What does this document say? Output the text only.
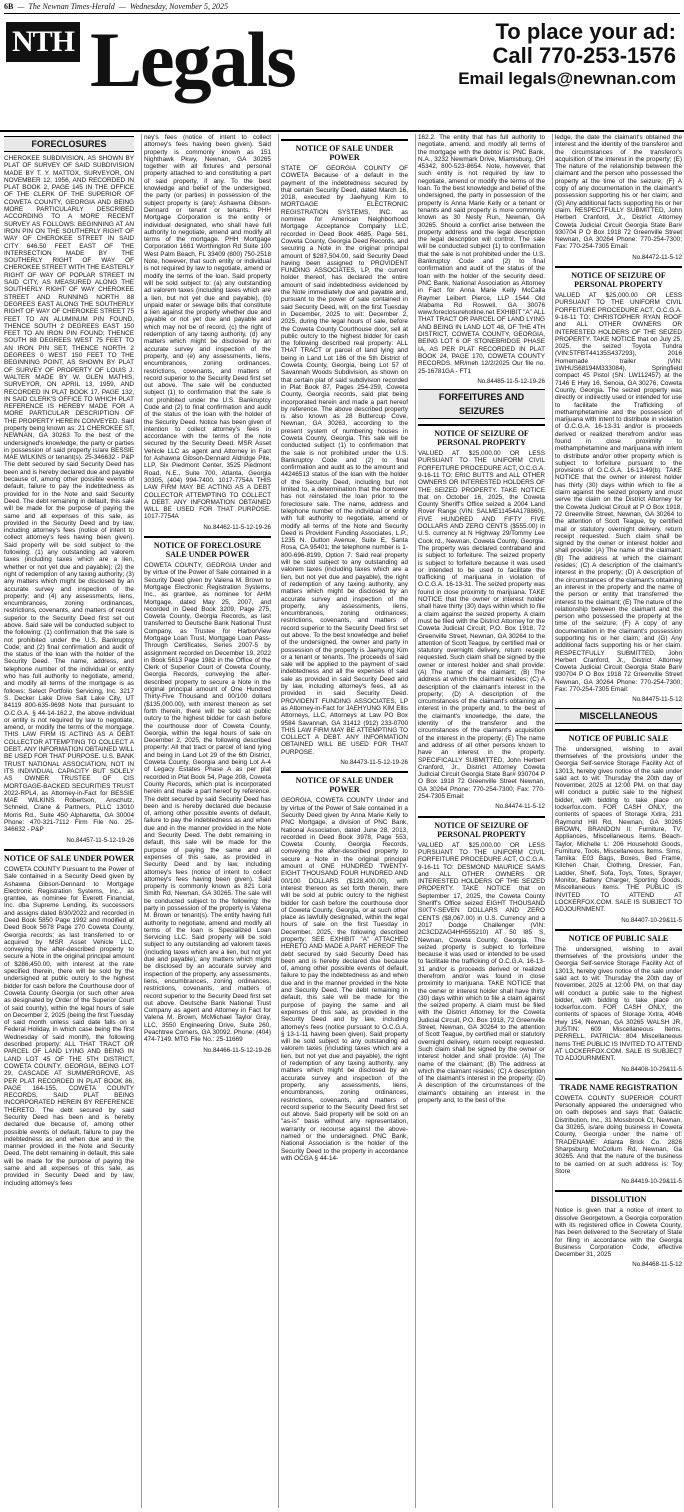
6B  —  The Newnan Times-Herald  —  Wednesday, November 5, 2025
NTH Legals	To place your ad:
Call 770-253-1576
Email legals@newnan.com
FORECLOSURES
CHEROKEE SUBDIVISION, AS SHOWN BY PLAT OF SURVEY OF SAID SUBDIVISION MADE BY T. Y. MATTOX, SURVEYOR, ON NOVEMBER 12, 1956, AND RECORDED IN PLAT BOOK 2, PAGE 145 IN THE OFFICE OF THE CLERK OF THE SUPERIOR OF COWETA COUNTY, GEORGIA AND BEING MORE PARTICULARLY DESCRIBED ACCORDING TO A MORE RECENT SURVEY AS FOLLOWS: BEGINNING AT AN IRON PIN ON THE SOUTHERLY RIGHT OF WAY OF CHEROKEE STREET IN SAID CITY 646.50 FEET EAST OF THE INTERSECTION MADE BY THE SOUTHERLY RIGHT OF WAY OF CHEROKEE STREET WITH THE EASTERLY RIGHT OF WAY OF POPLAR STREET IN SAID CITY, AS MEASURED ALONG THE SOUTHERLY RIGHT OF WAY CHEROKEE STREET AND RUNNING NORTH 88 DEGREES EAST ALONG THE SOUTHERLY RIGHT OF WAY OF CHEROKEE STREET 75 FEET TO AN ALUMINUM PIN FOUND, THENCE SOUTH 2 DEGREES EAST 150 FEET TO AN IRON PIN FOUND; THENCE SOUTH 88 DEGREES WEST 75 FEET TO AN IRON PIN SET; THENCE NORTH 2 DEGREES 0 WEST 150 FEET TO THE BEGINNING POINT, AS SHOWN BY PLAT OF SURVEY OF PROPERTY OF LOUIS J. WALTER MADE BY W. GLEN MATHIS, SURVEYOR, ON APRIL 13, 1959, AND RECORDED IN PLAT BOOK 17, PAGE 132, IN SAID CLERK'S OFFICE TO WHICH PLAT REFERENCE IS HEREBY MADE FOR A MORE PARTICULAR DESCRIPTION OF THE PROPERTY HEREIN CONVEYED. Said property being known as: 21 CHEROKEE ST, NEWNAN, GA 30263 To the best of the undersigned's knowledge, the party or parties in possession of said property is/are BESSIE MAE WILKINS or tenant(s). 25-346632 - P&P The debt secured by said Security Deed has been and is hereby declared due and payable because of, among other possible events of default, failure to pay the indebtedness as provided for in the Note and said Security Deed. The debt remaining in default, this sale will be made for the purpose of paying the same and all expenses of this sale, as provided in the Security Deed and by law, including attorney's fees (notice of intent to collect attorney's fees having been given). Said property will be sold subject to the following: (1) any outstanding ad valorem taxes (including taxes which are a lien, whether or not yet due and payable); (2) the right of redemption of any taxing authority; (3) any matters which might be disclosed by an accurate survey and inspection of the property; and (4) any assessments, liens, encumbrances, zoning ordinances, restrictions, covenants, and matters of record superior to the Security Deed first set out above. Said sale will be conducted subject to the following: (1) confirmation that the sale is not prohibited under the U.S. Bankruptcy Code; and (2) final confirmation and audit of the status of the loan with the holder of the Security Deed. The name, address, and telephone number of the individual or entity who has full authority to negotiate, amend, and modify all terms of the mortgage is as follows: Select Portfolio Servicing, Inc. 3217 S. Decker Lake Drive Salt Lake City, UT 84119 800-635-9698 Note that pursuant to O.C.G.A. § 44-14-162.2, the above individual or entity is not required by law to negotiate, amend, or modify the terms of the mortgage. THIS LAW FIRM IS ACTING AS A DEBT COLLECTOR ATTEMPTING TO COLLECT A DEBT. ANY INFORMATION OBTAINED WILL BE USED FOR THAT PURPOSE. U.S. BANK TRUST NATIONAL ASSOCIATION, NOT IN ITS INDIVIDUAL CAPACITY BUT SOLELY AS OWNER TRUSTEE OF CIS MORTGAGE-BACKED SECURITIES TRUST 2022-RPL4, as Attorney-in-Fact for BESSIE MAE WILKINS Robertson, Anschutz, Schneid, Crane & Partners, PLLC 13010 Morris Rd., Suite 450 Alpharetta, GA 30004 Phone: 470-321-7112 Firm File No. 25-346632 - P&P
No.84457-11-5-12-19-26
NOTICE OF SALE UNDER POWER
COWETA COUNTY Pursuant to the Power of Sale contained in a Security Deed given by Ashawna Gibson-Dennard to Mortgage Electronic Registration Systems, Inc., as grantee, as nominee for Everett Financial, Inc. dba Supreme Lending, its successors and assigns dated 8/30/2022 and recorded in Deed Book 5850 Page 1992 and modified at Deed Book 5678 Page 270 Coweta County, Georgia records; as last transferred to or acquired by MSR Asset Vehicle LLC, conveying the after-described property to secure a Note in the original principal amount of $286,450.00, with interest at the rate specified therein, there will be sold by the undersigned at public outcry to the highest bidder for cash before the Courthouse door of Coweta County Georgia (or such other area as designated by Order of the Superior Court of said county), within the legal hours of sale on December 2, 2025 (being the first Tuesday of said month unless said date falls on a Federal Holiday, in which case being the first Wednesday of said month), the following described property: ALL THAT TRACT OR PARCEL OF LAND LYING AND BEING IN LAND LOT 45 OF THE 5TH DISTRICT, COWETA COUNTY, GEORGIA, BEING LOT 29, CASCADE AT SUMMERGROVE, AS PER PLAT RECORDED IN PLAT BOOK 86, PAGE 164-155, COWETA COUNTY RECORDS, SAID PLAT BEING INCORPORATED HEREIN BY REFERENCE THERETO. The debt secured by said Security Deed has been and is hereby declared due because of, among other possible events of default, failure to pay the indebtedness as and when due and in the manner provided in the Note and Security Deed. The debt remaining in default, this sale will be made for the purpose of paying the same and all expenses of this sale, as provided in Security Deed and by law, including attorney's fees
ney's fees (notice of intent to collect attorney's fees having been given). Said property is commonly known as 151 Nighthawk Pkwy, Newnan, GA 30265 together with all fixtures and personal property attached to and constituting a part of said property, if any. To the best knowledge and belief of the undersigned, the party (or parties) in possession of the subject property is (are): Ashawna Gibson-Dennard or tenant or tenants. PHH Mortgage Corporation is the entity or individual designated, who shall have full authority to negotiate, amend and modify all terms of the mortgage. PHH Mortgage Corporation 1661 Worthington Rd Suite 100 West Palm Beach, FL 33409 (800) 750-2518 Note, however, that such entity or individual is not required by law to negotiate, amend or modify the terms of the loan. Said property will be sold subject to: (a) any outstanding ad valorem taxes (including taxes which are a lien, but not yet due and payable), (b) unpaid water or sewage bills that constitute a lien against the property whether due and payable or not yet due and payable and which may not be of record, (c) the right of redemption of any taxing authority, (d) any matters which might be disclosed by an accurate survey and inspection of the property, and (e) any assessments, liens, encumbrances, zoning ordinances, restrictions, covenants, and matters of record superior to the Security Deed first set out above. The sale will be conducted subject (1) to confirmation that the sale is not prohibited under the U.S. Bankruptcy Code and (2) to final confirmation and audit of the status of the loan with the holder of the Security Deed. Notice has been given of intention to collect attorney's fees in accordance with the terms of the note secured by the Security Deed. MSR Asset Vehicle LLC as agent and Attorney in Fact for Ashawna Gibson-Dennard Aldridge Pite, LLP, Six Piedmont Center, 3525 Piedmont Road, N.E., Suite 700, Atlanta, Georgia 30305, (404) 994-7400. 1017-7754A THIS LAW FIRM MAY BE ACTING AS A DEBT COLLECTOR ATTEMPTING TO COLLECT A DEBT. ANY INFORMATION OBTAINED WILL BE USED FOR THAT PURPOSE. 1017-7754A
No.84462-11-5-12-19-26
NOTICE OF FORECLOSURE SALE UNDER POWER
COWETA COUNTY, GEORGIA Under and by virtue of the Power of Sale contained in a Security Deed given by Valena M. Brown to Mortgage Electronic Registration Systems, Inc., as grantee, as nominee for AHM Mortgage, dated May 25, 2007, and recorded in Deed Book 3209, Page 275, Coweta County, Georgia Records, as last transferred to Deutsche Bank National Trust Company, as Trustee for HarborView Mortgage Loan Trust, Mortgage Loan Pass-Through Certificates, Series 2007-5 by assignment recorded on December 19, 2022 in Book 5613 Page 1982 in the Office of the Clerk of Superior Court of Coweta County, Georgia Records, conveying the after-described property to secure a Note in the original principal amount of One Hundred Thirty-Five Thousand and 00/100 dollars ($135,000.00), with interest thereon as set forth therein, there will be sold at public outcry to the highest bidder for cash before the courthouse door of Coweta County, Georgia, within the legal hours of sale on December 2, 2025, the following described property: All that tract or parcel of land lying and being in Land Lot 29 of the 6th District, Coweta County, Georgia and being Lot A-4 of Legacy Estates Phase A as per plat recorded in Plat Book 54, Page 208, Coweta County Records, which plat is incorporated herein and made a part hereof by reference. The debt secured by said Security Deed has been and is hereby declared due because of, among other possible events of default, failure to pay the indebtedness as and when due and in the manner provided in the Note and Security Deed. The debt remaining in default, this sale will be made for the purpose of paying the same and all expenses of this sale, as provided in Security Deed and by law, including attorney's fees (notice of intent to collect attorney's fees having been given). Said property is commonly known as 821 Lora Smith Rd, Newnan, GA 30265. The sale will be conducted subject to the following: the party in possession of the property is Valena M. Brown or tenant(s). The entity having full authority to negotiate, amend and modify all terms of the loan is Specialized Loan Servicing LLC. Said property will be sold subject to any outstanding ad valorem taxes (including taxes which are a lien, but not yet due and payable), any matters which might be disclosed by an accurate survey and inspection of the property, any assessments, liens, encumbrances, zoning ordinances, restrictions, covenants, and matters of record superior to the Security Deed first set out above. Deutsche Bank National Trust Company as agent and Attorney in Fact for Valena M. Brown, McMichael Taylor Gray, LLC, 3550 Engineering Drive, Suite 260, Peachtree Corners, GA 30092. Phone: (404) 474-7149. MTG File No.: 25-11669
No.84466-11-5-12-19-26
NOTICE OF SALE UNDER POWER
STATE OF GEORGIA COUNTY OF COWETA Because of a default in the payment of the indebtedness secured by that certain Security Deed, dated March 16, 2018, executed by Jaehyung Kim to MORTGAGE ELECTRONIC REGISTRATION SYSTEMS, INC. as nominee for American Neighborhood Mortgage Acceptance Company LLC, recorded in Deed Book 4685, Page 561, Coweta County, Georgia Deed Records, and securing a Note in the original principal amount of $287,504.00, said Security Deed having been assigned to PROVIDENT FUNDING ASSOCIATES, LP, the current holder thereof, has declared the entire amount of said indebtedness evidenced by the Note immediately due and payable and, pursuant to the power of sale contained in said Security Deed, will, on the first Tuesday in December, 2025 to wit: December 2, 2025, during the legal hours of sale, before the Coweta County Courthouse door, sell at public outcry to the highest bidder for cash the following described real property: ALL THAT TRACT or parcel of land lying and being in Land Lot 186 of the 5th District of Coweta County, Georgia, being Lot 57 of Savannah Woods Subdivision, as shown on that certain plat of said subdivision recorded in Plat Book 87, Pages 254-259, Coweta County, Georgia records, said plat being incorporated herein and made a part hereof by reference. The above described property is also known as 28 Buttercup Cove, Newnan, GA 30263, according to the present system of numbering houses in Coweta County, Georgia. This sale will be conducted subject (1) to confirmation that the sale is not prohibited under the U.S. Bankruptcy Code and (2) to final confirmation and audit as to the amount and 44246513 status of the loan with the holder of the Security Deed, including but not limited to, a determination that the borrower has not reinstated the loan prior to the foreclosure sale. The name, address and telephone number of the individual or entity with full authority to negotiate, amend or modify all terms of the Note and Security Deed is Provident Funding Associates, L.P., 1235 N. Dutton Avenue, Suite E, Santa Rosa, CA 95401; the telephone number is 1-800-696-8199, Option 7. Said real property will be sold subject to any outstanding ad valorem taxes (including taxes which are a lien, but not yet due and payable), the right of redemption of any taxing authority, any matters which might be disclosed by an accurate survey and inspection of the property, any assessments, liens, encumbrances, zoning ordinances, restrictions, covenants, and matters of record superior to the Security Deed first set out above. To the best knowledge and belief of the undersigned, the owner and party in possession of the property is Jaehyung Kim or a tenant or tenants. The proceeds of said sale will be applied to the payment of said indebtedness and all the expenses of said sale as provided in said Security Deed and by law, including attorney's fees, all as provided in said Security Deed. PROVIDENT FUNDING ASSOCIATES, LP as Attorney-in-Fact for JAEHYUNG KIM Ellis Attorneys, LLC, Attorneys at Law PO Box 9584 Savannah, GA 31412 (912) 233-0700 THIS LAW FIRM MAY BE ATTEMPTING TO COLLECT A DEBT. ANY INFORMATION OBTAINED WILL BE USED FOR THAT PURPOSE.
No.84473-11-5-12-19-26
NOTICE OF SALE UNDER POWER
GEORGIA, COWETA COUNTY Under and by virtue of the Power of Sale contained in a Security Deed given by Anna Marie Kelly to PNC Mortgage, a division of PNC Bank, National Association, dated June 28, 2013, recorded in Deed Book 3978, Page 553, Coweta County, Georgia Records, conveying the after-described property to secure a Note in the original principal amount of ONE HUNDRED TWENTY-EIGHT THOUSAND FOUR HUNDRED AND 00/100 DOLLARS ($128,400.00), with interest thereon as set forth therein, there will be sold at public outcry to the highest bidder for cash before the courthouse door of Coweta County, Georgia, or at such other place as lawfully designated, within the legal hours of sale on the first Tuesday in December, 2025, the following described property: SEE EXHIBIT "A" ATTACHED HERETO AND MADE A PART HEREOF The debt secured by said Security Deed has been and is hereby declared due because of, among other possible events of default, failure to pay the indebtedness as and when due and in the manner provided in the Note and Security Deed. The debt remaining in default, this sale will be made for the purpose of paying the same and all expenses of this sale, as provided in the Security Deed and by law, including attorney's fees (notice pursuant to O.C.G.A. § 13-1-11 having been given). Said property will be sold subject to any outstanding ad valorem taxes (including taxes which are a lien, but not yet due and payable), the right of redemption of any taxing authority, any matters which might be disclosed by an accurate survey and inspection of the property, any assessments, liens, encumbrances, zoning ordinances, restrictions, covenants, and matters of record superior to the Security Deed first set out above. Said property will be sold on an "as-is" basis without any representation, warranty or recourse against the above-named or the undersigned. PNC Bank, National Association is the holder of the Security Deed to the property in accordance with OCGA § 44-14-
162.2. The entity that has full authority to negotiate, amend, and modify all terms of the mortgage with the debtor is: PNC Bank, N.A., 3232 Newmark Drive, Miamisburg, OH 45342, 800-523-8654. Note, however, that such entity is not required by law to negotiate, amend or modify the terms of the loan. To the best knowledge and belief of the undersigned, the party in possession of the property is Anna Marie Kelly or a tenant or tenants and said property is more commonly known as 30 Nesty Run, Newnan, GA 30265. Should a conflict arise between the property address and the legal description the legal description will control. The sale will be conducted subject (1) to confirmation that the sale is not prohibited under the U.S. Bankruptcy Code and (2) to final confirmation and audit of the status of the loan with the holder of the security deed. PNC Bank, National Association as Attorney in Fact for Anna Marie Kelly McCalla Raymer Leibert Pierce, LLP 1544 Old Alabama Rd Roswell, GA 30076 www.foreclosurehotline.net EXHIBIT "A" ALL THAT TRACT OR PARCEL OF LAND LYING AND BEING IN LAND LOT 48, OF THE 4TH DISTRICT, COWETA COUNTY, GEORGIA, BEING LOT 6 OF STONEBRIDGE PHASE IA, AS PER PLAT RECORDED IN PLAT BOOK 24, PAGE 170, COWETA COUNTY RECORDS. MR/meh 12/2/2025 Our file no. 25-16781GA - FT1
No.84485-11-5-12-19-26
FORFEITURES AND SEIZURES
NOTICE OF SEIZURE OF PERSONAL PROPERTY
VALUED AT $25,000.00 OR LESS PURSUANT TO THE UNIFORM CIVIL FORFEITURE PROCEDURE ACT, O.C.G.A. 9-16-11 TO: ERIC BUTTS and ALL OTHER OWNERS OR INTERESTED HOLDERS OF THE SEIZED PROPERTY. TAKE NOTICE that on October 16, 2025, the Coweta County Sheriff's Office seized a 2004 Land Rover Range (VIN: SALME11454A178860), FIVE HUNDRED AND FIFTY FIVE DOLLARS AND ZERO CENTS ($555.00) in U.S. currency at N Highway 29/Tommy Lee Cook rd., Newnan, Coweta County, Georgia. The property was declared contraband and is subject to forfeiture. The seized property is subject to forfeiture because it was used or intended to be used to facilitate the trafficking of marijuana in violation of O.C.G.A. 16-13-31. The seized property was found in close proximity to marijuana. TAKE NOTICE that the owner or interest holder shall have thirty (30) days within which to file a claim against the seized property. A claim must be filed with the District Attorney for the Coweta Judicial Circuit, P.O. Box 1918, 72 Greenville Street, Newnan, GA 30264 to the attention of Scott Teague, by certified mail or statutory overnight delivery, return receipt requested. Such claim shall be signed by the owner or interest holder and shall provide: (A) The name of the claimant; (B) The address at which the claimant resides; (C) A description of the claimant's interest in the property; (D) A description of the circumstances of the claimant's obtaining an interest in the property and, to the best of the claimant's knowledge, the date, the identity of the transferor and the circumstances of the claimant's acquisition of the interest in the property; (E) The name and address of all other persons known to have an interest in the property. SPECIFICALLY SUBMITTED, John Herbert Cranford, Jr., District Attorney Coweta Judicial Circuit Georgia State Bar# 930704 P O Box 1918 72 Greenville Street Newnan, GA 30264 Phone: 770-254-7300; Fax: 770-254-7305 Email:
No.84474-11-5-12
NOTICE OF SEIZURE OF PERSONAL PROPERTY
VALUED AT $25,000.00 OR LESS PURSUANT TO THE UNIFORM CIVIL FORFEITURE PROCEDURE ACT, O.C.G.A. 9-16-11 TO: DESMOND MAURICE SAMS and ALL OTHER OWNERS OR INTERESTED HOLDERS OF THE SEIZED PROPERTY. TAKE NOTICE that on September 17, 2025, the Coweta County Sheriff's Office seized EIGHT THOUSAND SIXTY-SEVEN DOLLARS AND ZERO CENTS ($8,067.00) in U.S. Currency and a 2017 Dodge Challenger (VIN: 2C3CDZAG4HH555210) AT 50 I85 S, Newnan, Coweta County, Georgia. The seized property is subject to forfeiture because it was used or intended to be used to facilitate the trafficking of O.C.G.A. 16-13-31 and/or is proceeds derived or realized therefrom and/or was found in close proximity to marijuana. TAKE NOTICE that the owner or interest holder shall have thirty (30) days within which to file a claim against the seized property. A claim must be filed with the District Attorney for the Coweta Judicial Circuit, P.O. Box 1918, 72 Greenville Street, Newnan, GA 30264 to the attention of Scott Teague, by certified mail or statutory overnight delivery, return receipt requested. Such claim shall be signed by the owner or interest holder and shall provide: (A) The name of the claimant; (B) The address at which the claimant resides; (C) A description of the claimant's interest in the property; (D) A description of the circumstances of the claimant's obtaining an interest in the property and, to the best of the
ledge, the date the claimant's obtained the interest and the identity of the transferor and the circumstances of the transferor's acquisition of the interest in the property; (E) The nature of the relationship between the claimant and the person who possessed the property at the time of the seizure; (F) A copy of any documentation in the claimant's possession supporting his or her claim; and (G) Any additional facts supporting his or her claim. RESPECTFULLY SUBMITTED, John Herbert Cranford, Jr., District Attorney Coweta Judicial Circuit Georgia State Bar# 930704 P O Box 1918 72 Greenville Street Newnan, GA 30264 Phone: 770-254-7300; Fax: 770-254-7305 Email:
No.84472-11-5-12
NOTICE OF SEIZURE OF PERSONAL PROPERTY
VALUED AT $25,000.00 OR LESS PURSUANT TO THE UNIFORM CIVIL FORFEITURE PROCEDURE ACT, O.C.G.A. 9-16-11 TO: CHRISTOPHER RYAN ROOF and ALL OTHER OWNERS OR INTERESTED HOLDERS OF THE SEIZED PROPERTY. TAKE NOTICE that on July 25, 2025, the seized Toyota Tundra (VIN:5TFBT44135S437293), 2016 Homemade trailer (VIN: 1WHUS68194M333084), Springfield compact 45 Pistol (SN: LW112457) at the 7146 E Hwy 16, Senoia, GA 30276, Coweta County, Georgia. The seized property was directly or indirectly used or intended for use to facilitate the Trafficking of methamphetamine and the possession of marijuana with intent to distribute in violation of O.C.G.A. 16-13-31 and/or is proceeds derived or realized therefrom and/or was found in close proximity to methamphetamine and marijuana with intent to distribute and/or other property which is subject to forfeiture pursuant to the provisions of O.C.G.A. 16-13-49(b). TAKE NOTICE that the owner or interest holder has thirty (30) days within which to file a claim against the seized property and must serve the claim on the District Attorney for the Coweta Judicial Circuit at P O Box 1918, 72 Greenville Street, Newnan, GA 30264 to the attention of Scott Teague, by certified mail or statutory overnight delivery, return receipt requested. Such claim shall be signed by the owner or interest holder and shall provide: (A) The name of the claimant; (B) The address at which the claimant resides; (C) A description of the claimant's interest in the property; (D) A description of the circumstances of the claimant's obtaining an interest in the property and the name of the person or entity that transferred the interest to the claimant; (E) The nature of the relationship between the claimant and the person who possessed the property at the time of the seizure; (F) A copy of any documentation in the claimant's possession supporting his or her claim; and (G) Any additional facts supporting his or her claim. RESPECTFULLY SUBMITTED, John Herbert Cranford, Jr., District Attorney Coweta Judicial Circuit Georgia State Bar# 930704 P O Box 1918 72 Greenville Street Newnan, GA 30264 Phone: 770-254-7300; Fax: 770-254-7305 Email:
No.84475-11-5-12
MISCELLANEOUS
NOTICE OF PUBLIC SALE
The undersigned, wishing to avail themselves of the provisions under the Georgia Self-service Storage Facility Act of 13013, hereby gives notice of the sale under said act to wit: Thursday the 20th day of November, 2025 at 12:00 PM. on that day will conduct a public sale to the highest bidder, with bidding to take place on lockerfox.com. FOR CASH ONLY, the contents of spaces of Storage Xxtra, 231 Raymond Hill Rd, Newnan, GA 30265 BROWN, BRANDON II: Furniture, TV, Appliances, Miscellaneous Items. Beach-Taylor, Michelle L: 206 Household Goods, Furniture, Tools, Miscellaneous Items. Sims, Tamika: E03 Bags, Boxes, Bed Frame, Kitchen Chair, Clothing, Dresser, Fan, Ladder, Shelf, Sofa, Toys, Totes, Sprayer, Monitor, Battery Charger, Sporting Goods, Miscellaneous Items. THE PUBLIC IS INVITED TO ATTEND AT LOCKERFOX.COM. SALE IS SUBJECT TO ADJOURNMENT.
No.84407-10-29&11-5
NOTICE OF PUBLIC SALE
The undersigned, wishing to avail themselves of the provisions under the Georgia Self-service Storage Facility Act of 13013, hereby gives notice of the sale under said act to wit: Thursday the 20th day of November, 2025 at 12:00 PM. on that day will conduct a public sale to the highest bidder, with bidding to take place on lockerfox.com. FOR CASH ONLY, the contents of spaces of Storage Xxtra, 4046 Hwy 154, Newnan, GA 30265 WALSH JR, JUSTIN: 609 Miscellaneous Items. PERRELL, PATRICIA: 804 Miscellaneous Items THE PUBLIC IS INVITED TO ATTEND AT LOCKERFOX.COM. SALE IS SUBJECT TO ADJOURNMENT.
No.84408-10-29&11-5
TRADE NAME REGISTRATION
COWETA COUNTY SUPERIOR COURT Personally appeared the undersigned who on oath deposes and says that: Galactic Distribution, Inc., 31 Mossbrook Ct, Newnan, Ga 30265, is/are doing business in Coweta County, Georgia under the name of: TRADENAME: Atlanta Brick Co. 2826 Sharpsburg McCollum Rd, Newnan, Ga 30265. And that the nature of the business to be carried on at such address is: Toy Store
No.84419-10-29&11-5
DISSOLUTION
Notice is given that a notice of intent to dissolve Georgetown, a Georgia corporation with its registered office in Coweta County, has been delivered to the Secretary of State for filing in accordance with the Georgia Business Corporation Code, effective December 31, 2025
No.84468-11-5-12
